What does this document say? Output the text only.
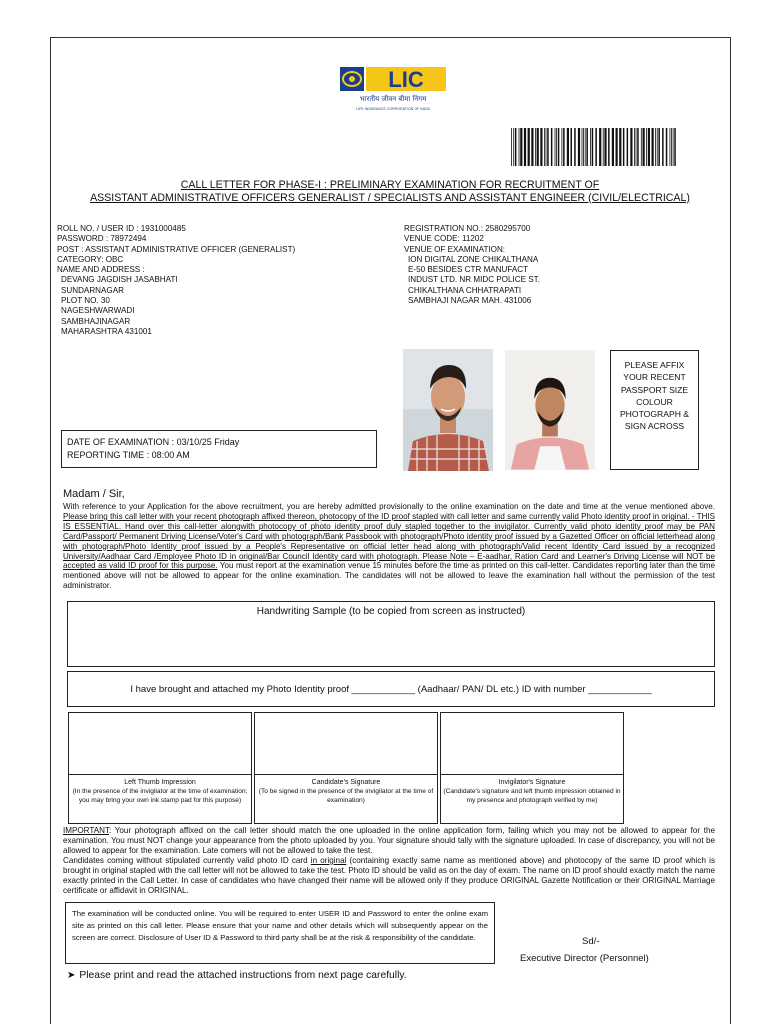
LIC
भारतीय जीवन बीमा निगम
LIFE INSURANCE CORPORATION OF INDIA
CALL LETTER FOR PHASE-I : PRELIMINARY EXAMINATION FOR RECRUITMENT OF
ASSISTANT ADMINISTRATIVE OFFICERS GENERALIST / SPECIALISTS AND ASSISTANT ENGINEER (CIVIL/ELECTRICAL)
ROLL NO. / USER ID : 1931000485
PASSWORD : 78972494
POST : ASSISTANT ADMINISTRATIVE OFFICER (GENERALIST)
CATEGORY: OBC
NAME AND ADDRESS :
DEVANG JAGDISH JASABHATI
SUNDARNAGAR
PLOT NO. 30
NAGESHWARWADI
SAMBHAJINAGAR
MAHARASHTRA 431001
REGISTRATION NO.: 2580295700
VENUE CODE: 11202
VENUE OF EXAMINATION:
ION DIGITAL ZONE CHIKALTHANA
E-50 BESIDES CTR MANUFACT
INDUST LTD. NR MIDC POLICE ST.
CHIKALTHANA CHHATRAPATI
SAMBHAJI NAGAR MAH. 431006
PLEASE AFFIX
YOUR RECENT
PASSPORT SIZE
COLOUR
PHOTOGRAPH &
SIGN ACROSS
DATE OF EXAMINATION : 03/10/25 Friday
REPORTING TIME : 08:00 AM
Madam / Sir,
With reference to your Application for the above recruitment, you are hereby admitted provisionally to the online examination on the date and time at the venue mentioned above. Please bring this call letter with your recent photograph affixed thereon, photocopy of the ID proof stapled with call letter and same currently valid Photo identity proof in original. - THIS IS ESSENTIAL. Hand over this call-letter alongwith photocopy of photo identity proof duly stapled together to the invigilator. Currently valid photo identity proof may be PAN Card/Passport/ Permanent Driving License/Voter's Card with photograph/Bank Passbook with photograph/Photo identity proof issued by a Gazetted Officer on official letterhead along with photograph/Photo Identity proof issued by a People's Representative on official letter head along with photograph/Valid recent Identity Card issued by a recognized University/Aadhaar Card /Employee Photo ID in original/Bar Council Identity card with photograph. Please Note – E-aadhar, Ration Card and Learner's Driving License will NOT be accepted as valid ID proof for this purpose. You must report at the examination venue 15 minutes before the time as printed on this call-letter. Candidates reporting later than the time mentioned above will not be allowed to appear for the online examination. The candidates will not be allowed to leave the examination hall without the permission of the test administrator.
Handwriting Sample (to be copied from screen as instructed)
I have brought and attached my Photo Identity proof ____________ (Aadhaar/ PAN/ DL etc.) ID with number ____________
Left Thumb Impression
(In the presence of the invigilator at the time of examination; you may bring your own ink stamp pad for this purpose)
Candidate's Signature
(To be signed in the presence of the invigilator at the time of examination)
Invigilator's Signature
(Candidate's signature and left thumb impression obtained in my presence and photograph verified by me)
IMPORTANT: Your photograph affixed on the call letter should match the one uploaded in the online application form, failing which you may not be allowed to appear for the examination. You must NOT change your appearance from the photo uploaded by you. Your signature should tally with the signature uploaded. In case of discrepancy, you will not be allowed to appear for the examination. Late comers will not be allowed to take the test.
Candidates coming without stipulated currently valid photo ID card in original (containing exactly same name as mentioned above) and photocopy of the same ID proof which is brought in original stapled with the call letter will not be allowed to take the test. Photo ID should be valid as on the day of exam. The name on ID proof should exactly match the name exactly printed in the Call Letter. In case of candidates who have changed their name will be allowed only if they produce ORIGINAL Gazette Notification or their ORIGINAL Marriage certificate or affidavit in ORIGINAL.
The examination will be conducted online. You will be required to enter USER ID and Password to enter the online exam site as printed on this call letter. Please ensure that your name and other details which will subsequently appear on the screen are correct. Disclosure of User ID & Password to third party shall be at the risk & responsibility of the candidate.	Sd/-
Executive Director (Personnel)
➤ Please print and read the attached instructions from next page carefully.
